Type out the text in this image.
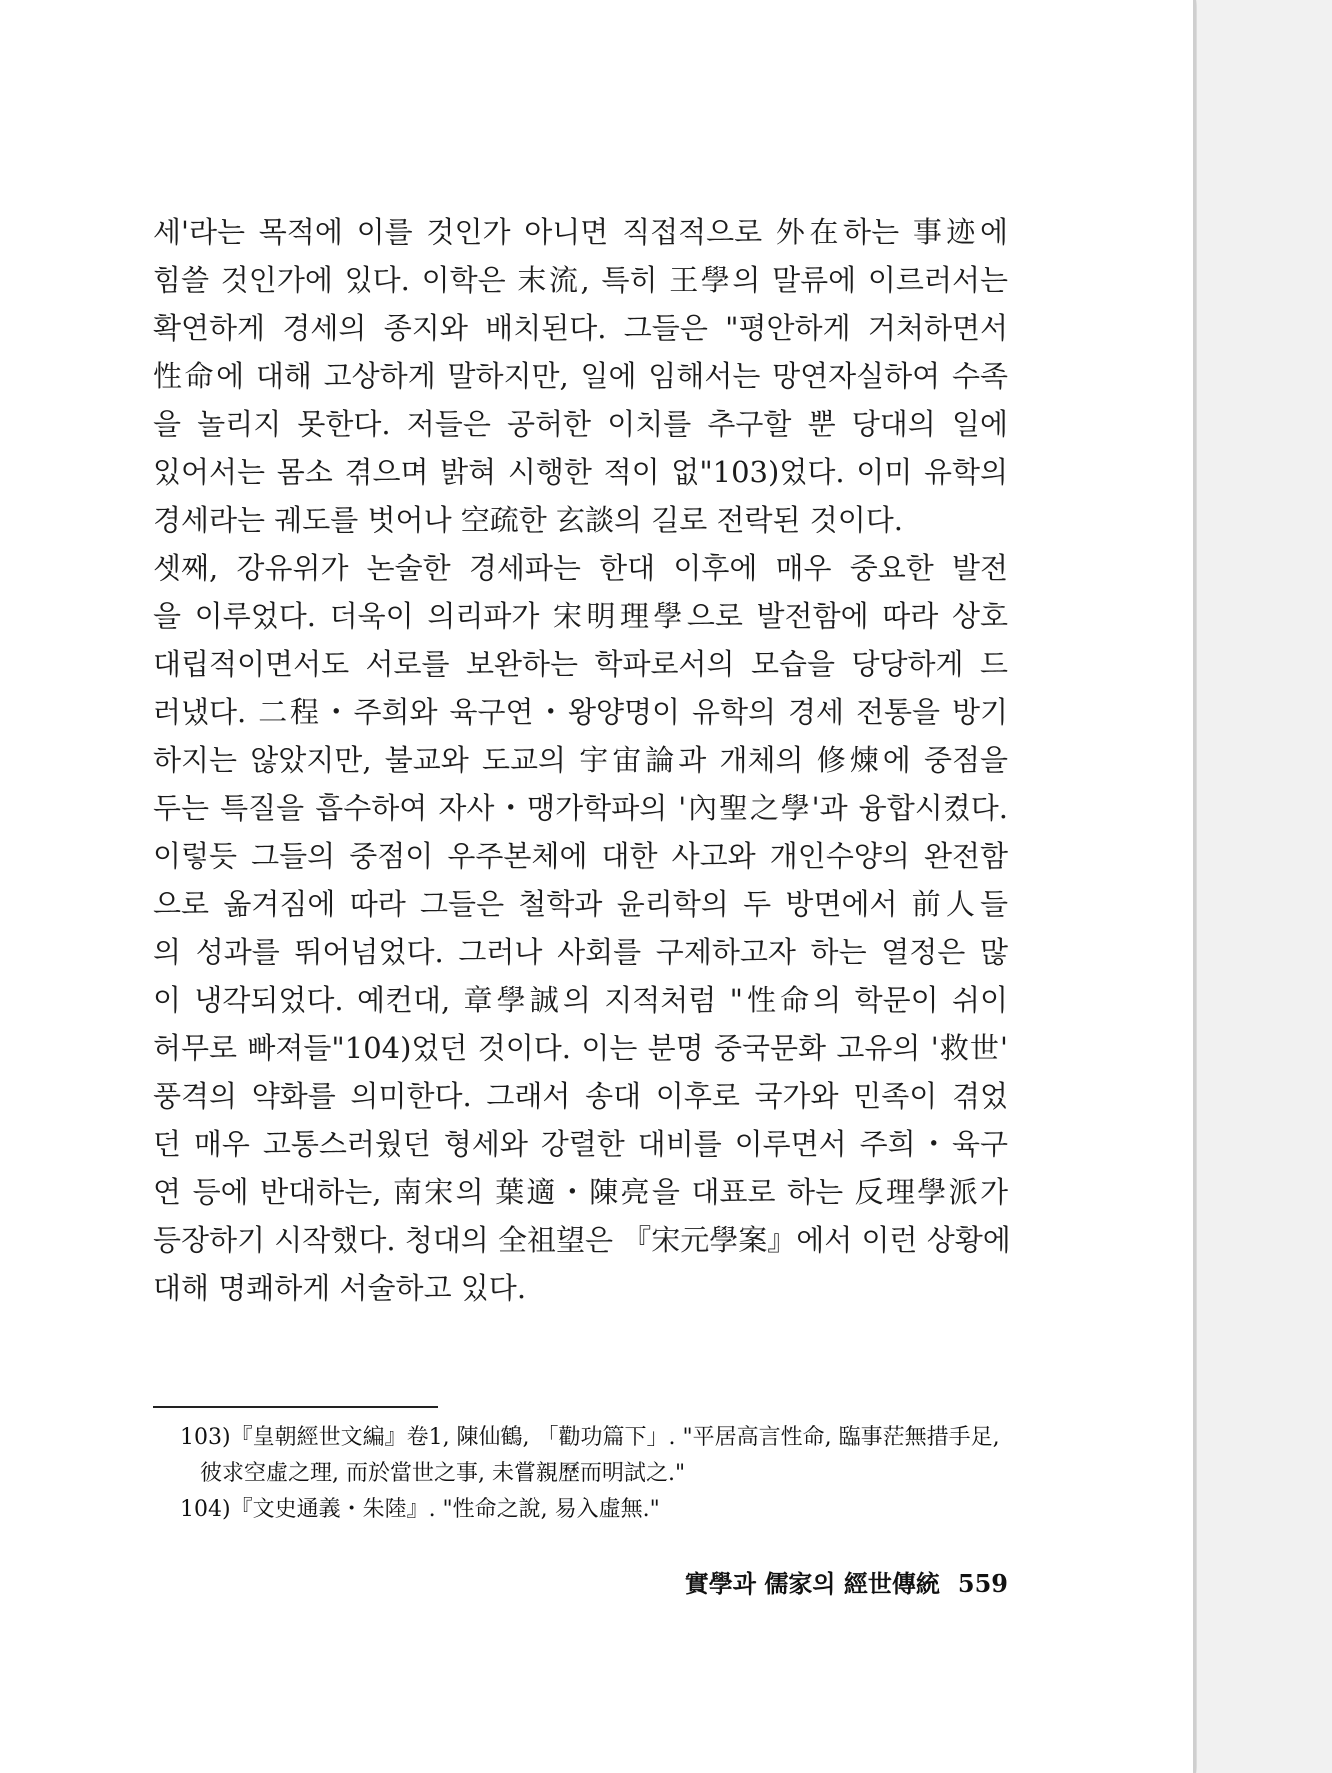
세'라는 목적에 이를 것인가 아니면 직접적으로 外在하는 事迹에
힘쓸 것인가에 있다. 이학은 末流, 특히 王學의 말류에 이르러서는
확연하게 경세의 종지와 배치된다. 그들은 "평안하게 거처하면서
性命에 대해 고상하게 말하지만, 일에 임해서는 망연자실하여 수족
을 놀리지 못한다. 저들은 공허한 이치를 추구할 뿐 당대의 일에
있어서는 몸소 겪으며 밝혀 시행한 적이 없"103)었다. 이미 유학의
경세라는 궤도를 벗어나 空疏한 玄談의 길로 전락된 것이다.
셋째, 강유위가 논술한 경세파는 한대 이후에 매우 중요한 발전
을 이루었다. 더욱이 의리파가 宋明理學으로 발전함에 따라 상호
대립적이면서도 서로를 보완하는 학파로서의 모습을 당당하게 드
러냈다. 二程・주희와 육구연・왕양명이 유학의 경세 전통을 방기
하지는 않았지만, 불교와 도교의 宇宙論과 개체의 修煉에 중점을
두는 특질을 흡수하여 자사・맹가학파의 '內聖之學'과 융합시켰다.
이렇듯 그들의 중점이 우주본체에 대한 사고와 개인수양의 완전함
으로 옮겨짐에 따라 그들은 철학과 윤리학의 두 방면에서 前人들
의 성과를 뛰어넘었다. 그러나 사회를 구제하고자 하는 열정은 많
이 냉각되었다. 예컨대, 章學誠의 지적처럼 "性命의 학문이 쉬이
허무로 빠져들"104)었던 것이다. 이는 분명 중국문화 고유의 '救世'
풍격의 약화를 의미한다. 그래서 송대 이후로 국가와 민족이 겪었
던 매우 고통스러웠던 형세와 강렬한 대비를 이루면서 주희・육구
연 등에 반대하는, 南宋의 葉適・陳亮을 대표로 하는 反理學派가
등장하기 시작했다. 청대의 全祖望은 『宋元學案』에서 이런 상황에
대해 명쾌하게 서술하고 있다.
103)『皇朝經世文編』卷1, 陳仙鶴, 「勸功篇下」. "平居高言性命, 臨事茫無措手足,
彼求空虛之理, 而於當世之事, 未嘗親歷而明試之."
104)『文史通義・朱陸』. "性命之說, 易入虛無."
實學과 儒家의 經世傳統 559
